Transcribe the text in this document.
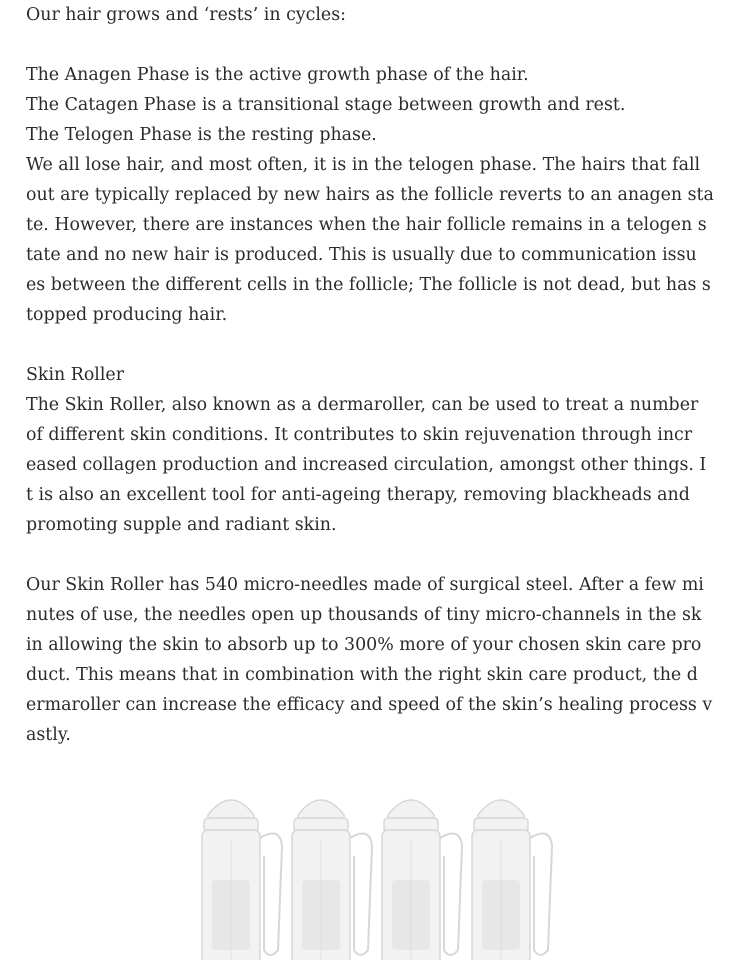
Our hair grows and ‘rests’ in cycles:
The Anagen Phase is the active growth phase of the hair.
The Catagen Phase is a transitional stage between growth and rest.
The Telogen Phase is the resting phase.
We all lose hair, and most often, it is in the telogen phase. The hairs that fall
out are typically replaced by new hairs as the follicle reverts to an anagen sta
te. However, there are instances when the hair follicle remains in a telogen s
tate and no new hair is produced. This is usually due to communication issu
es between the different cells in the follicle; The follicle is not dead, but has s
topped producing hair.
Skin Roller
The Skin Roller, also known as a dermaroller, can be used to treat a number
of different skin conditions. It contributes to skin rejuvenation through incr
eased collagen production and increased circulation, amongst other things. I
t is also an excellent tool for anti-ageing therapy, removing blackheads and
promoting supple and radiant skin.
Our Skin Roller has 540 micro-needles made of surgical steel. After a few mi
nutes of use, the needles open up thousands of tiny micro-channels in the sk
in allowing the skin to absorb up to 300% more of your chosen skin care pro
duct. This means that in combination with the right skin care product, the d
ermaroller can increase the efficacy and speed of the skin’s healing process v
astly.
